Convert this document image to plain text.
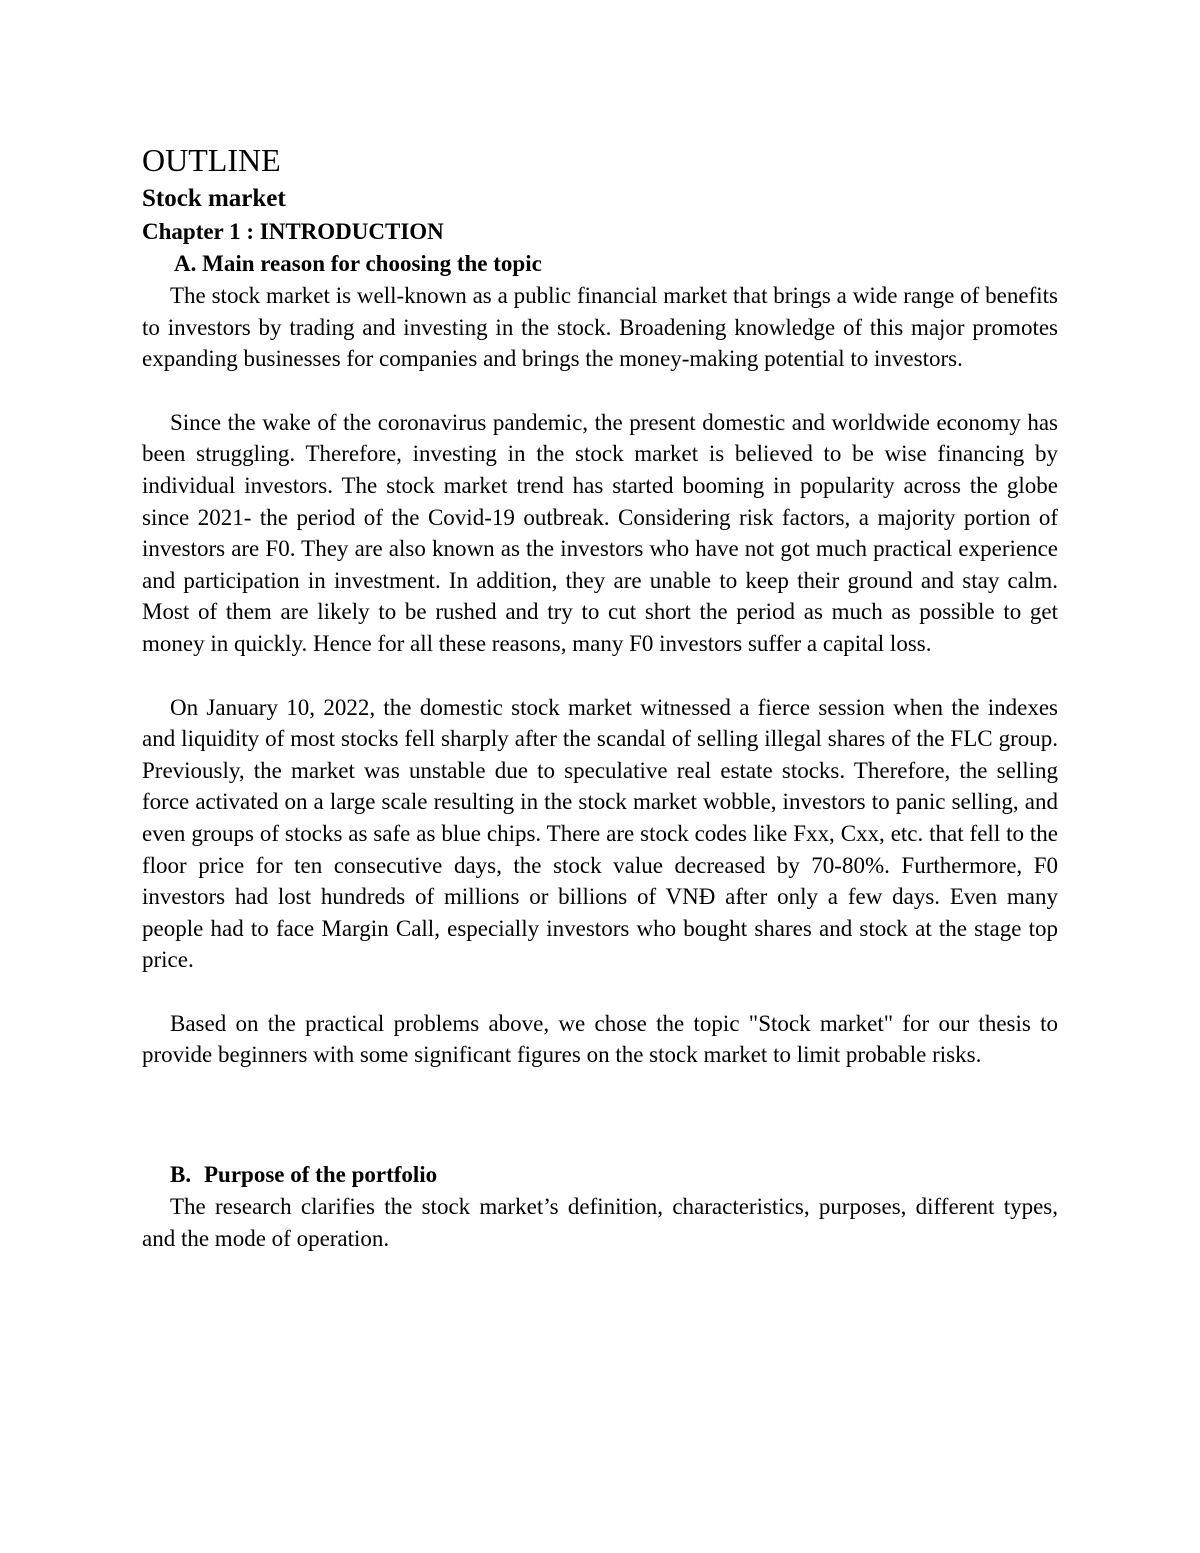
OUTLINE
Stock market
Chapter 1 : INTRODUCTION
A. Main reason for choosing the topic

The stock market is well-known as a public financial market that brings a wide range of benefits to investors by trading and investing in the stock. Broadening knowledge of this major promotes expanding businesses for companies and brings the money-making potential to investors.

Since the wake of the coronavirus pandemic, the present domestic and worldwide economy has been struggling. Therefore, investing in the stock market is believed to be wise financing by individual investors. The stock market trend has started booming in popularity across the globe since 2021- the period of the Covid-19 outbreak. Considering risk factors, a majority portion of investors are F0. They are also known as the investors who have not got much practical experience and participation in investment. In addition, they are unable to keep their ground and stay calm. Most of them are likely to be rushed and try to cut short the period as much as possible to get money in quickly. Hence for all these reasons, many F0 investors suffer a capital loss.

On January 10, 2022, the domestic stock market witnessed a fierce session when the indexes and liquidity of most stocks fell sharply after the scandal of selling illegal shares of the FLC group. Previously, the market was unstable due to speculative real estate stocks. Therefore, the selling force activated on a large scale resulting in the stock market wobble, investors to panic selling, and even groups of stocks as safe as blue chips. There are stock codes like Fxx, Cxx, etc. that fell to the floor price for ten consecutive days, the stock value decreased by 70-80%. Furthermore, F0 investors had lost hundreds of millions or billions of VNĐ after only a few days. Even many people had to face Margin Call, especially investors who bought shares and stock at the stage top price.

Based on the practical problems above, we chose the topic "Stock market" for our thesis to provide beginners with some significant figures on the stock market to limit probable risks.

B. Purpose of the portfolio

The research clarifies the stock market’s definition, characteristics, purposes, different types, and the mode of operation.
